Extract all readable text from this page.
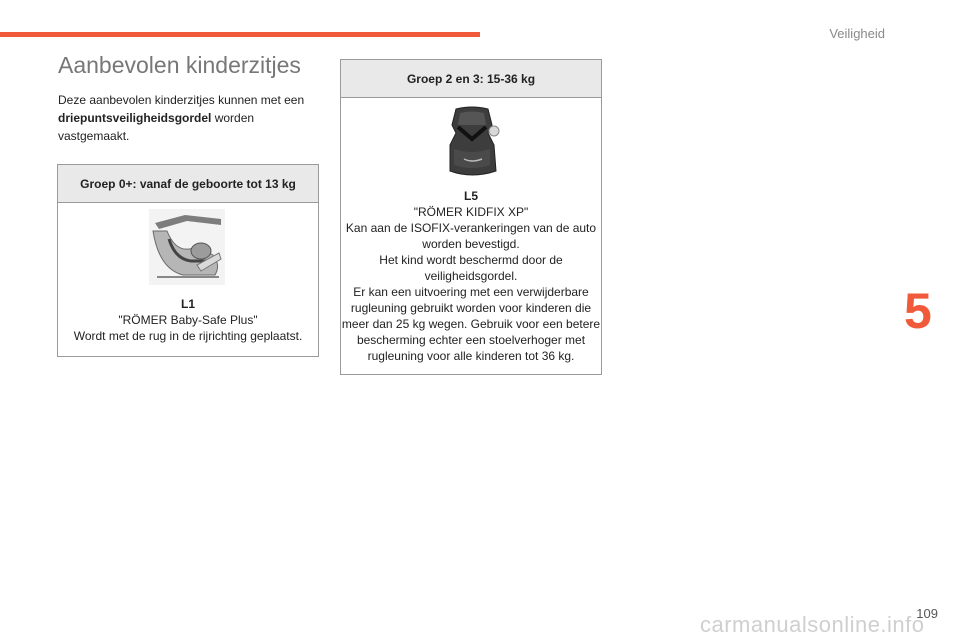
Veiligheid
5
109
carmanualsonline.info
Aanbevolen kinderzitjes
Deze aanbevolen kinderzitjes kunnen met een driepuntsveiligheidsgordel worden vastgemaakt.
Groep 0+: vanaf de geboorte tot 13 kg
L1

"RÖMER Baby-Safe Plus"

Wordt met de rug in de rijrichting geplaatst.

Groep 2 en 3: 15-36 kg
L5

"RÖMER KIDFIX XP"

Kan aan de ISOFIX-verankeringen van de auto worden bevestigd.

Het kind wordt beschermd door de veiligheidsgordel.

Er kan een uitvoering met een verwijderbare rugleuning gebruikt worden voor kinderen die meer dan 25 kg wegen. Gebruik voor een betere bescherming echter een stoelverhoger met rugleuning voor alle kinderen tot 36 kg.
